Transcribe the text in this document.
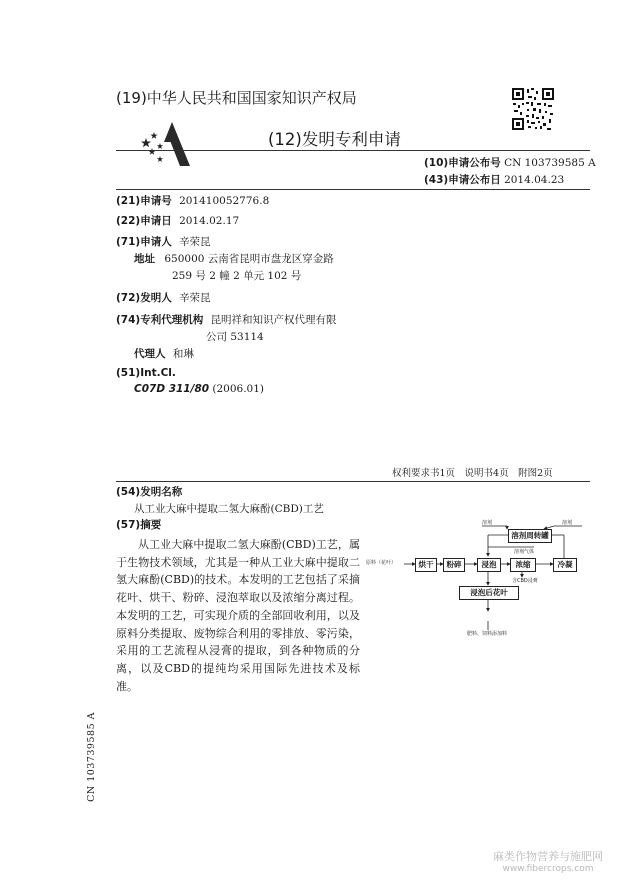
(19)中华人民共和国国家知识产权局
(12)发明专利申请
(10)申请公布号 CN 103739585 A
(43)申请公布日 2014.04.23
(21)申请号 201410052776.8
(22)申请日 2014.02.17
(71)申请人 辛荣昆
地址 650000 云南省昆明市盘龙区穿金路
259 号 2 幢 2 单元 102 号
(72)发明人 辛荣昆
(74)专利代理机构 昆明祥和知识产权代理有限
公司 53114
代理人 和琳
(51)Int.Cl.
C07D 311/80 (2006.01)
权利要求书1页　说明书4页　附图2页
(54)发明名称
从工业大麻中提取二氢大麻酚(CBD)工艺
(57)摘要

从工业大麻中提取二氢大麻酚(CBD)工艺，属于生物技术领域，尤其是一种从工业大麻中提取二氢大麻酚(CBD)的技术。本发明的工艺包括了采摘花叶、烘干、粉碎、浸泡萃取以及浓缩分离过程。本发明的工艺，可实现介质的全部回收利用，以及原料分类提取、废物综合利用的零排放、零污染，采用的工艺流程从浸膏的提取，到各种物质的分离，以及CBD的提纯均采用国际先进技术及标准。

原料（花叶）	烘干	粉碎	浸泡	浓缩	冷凝
溶剂周转罐
浸泡后花叶
溶剂	溶剂
溶剂气体
含CBD浸膏
肥料、饲料添加料
CN 103739585 A
麻类作物营养与施肥网
www.fibercrops.com
